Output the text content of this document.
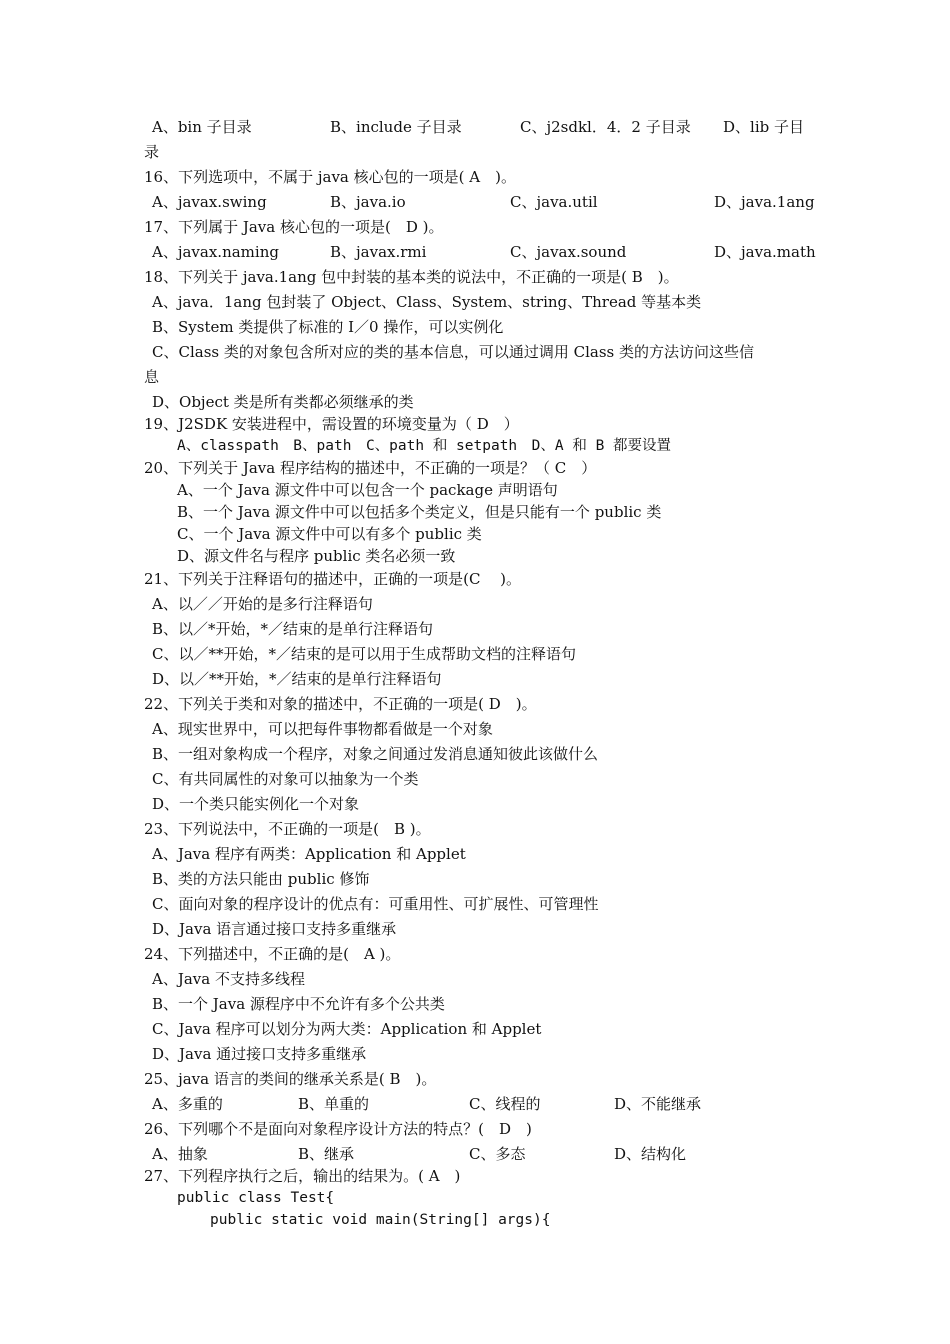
A、bin 子目录	B、include 子目录	C、j2sdkl．4．2 子目录 D、lib 子目
录
16、下列选项中，不属于 java 核心包的一项是( A　)。
A、javax.swing	B、java.io	C、java.util	D、java.1ang
17、下列属于 Java 核心包的一项是(　D )。
A、javax.naming	B、javax.rmi	C、javax.sound	D、java.math
18、下列关于 java.1ang 包中封装的基本类的说法中，不正确的一项是( B　)。
A、java．1ang 包封装了 Object、Class、System、string、Thread 等基本类
B、System 类提供了标准的 I／0 操作，可以实例化
C、Class 类的对象包含所对应的类的基本信息，可以通过调用 Class 类的方法访问这些信
息
D、Object 类是所有类都必须继承的类
19、J2SDK 安装进程中，需设置的环境变量为（ D　）
A、classpath　B、path　C、path 和 setpath　D、A 和 B 都要设置
20、下列关于 Java 程序结构的描述中，不正确的一项是？（ C　）
A、一个 Java 源文件中可以包含一个 package 声明语句
B、一个 Java 源文件中可以包括多个类定义，但是只能有一个 public 类
C、一个 Java 源文件中可以有多个 public 类
D、源文件名与程序 public 类名必须一致
21、下列关于注释语句的描述中，正确的一项是(C　 )。
A、以／／开始的是多行注释语句
B、以／*开始，*／结束的是单行注释语句
C、以／**开始，*／结束的是可以用于生成帮助文档的注释语句
D、以／**开始，*／结束的是单行注释语句
22、下列关于类和对象的描述中，不正确的一项是( D　)。
A、现实世界中，可以把每件事物都看做是一个对象
B、一组对象构成一个程序，对象之间通过发消息通知彼此该做什么
C、有共同属性的对象可以抽象为一个类
D、一个类只能实例化一个对象
23、下列说法中，不正确的一项是(　B )。
A、Java 程序有两类：Application 和 Applet
B、类的方法只能由 public 修饰
C、面向对象的程序设计的优点有：可重用性、可扩展性、可管理性
D、Java 语言通过接口支持多重继承
24、下列描述中，不正确的是(　A )。
A、Java 不支持多线程
B、一个 Java 源程序中不允许有多个公共类
C、Java 程序可以划分为两大类：Application 和 Applet
D、Java 通过接口支持多重继承
25、java 语言的类间的继承关系是( B　)。
A、多重的	B、单重的	C、线程的	D、不能继承
26、下列哪个不是面向对象程序设计方法的特点？(　D　)
A、抽象	B、继承	C、多态	D、结构化
27、下列程序执行之后，输出的结果为。( A　)
public class Test{
public static void main(String[] args){
